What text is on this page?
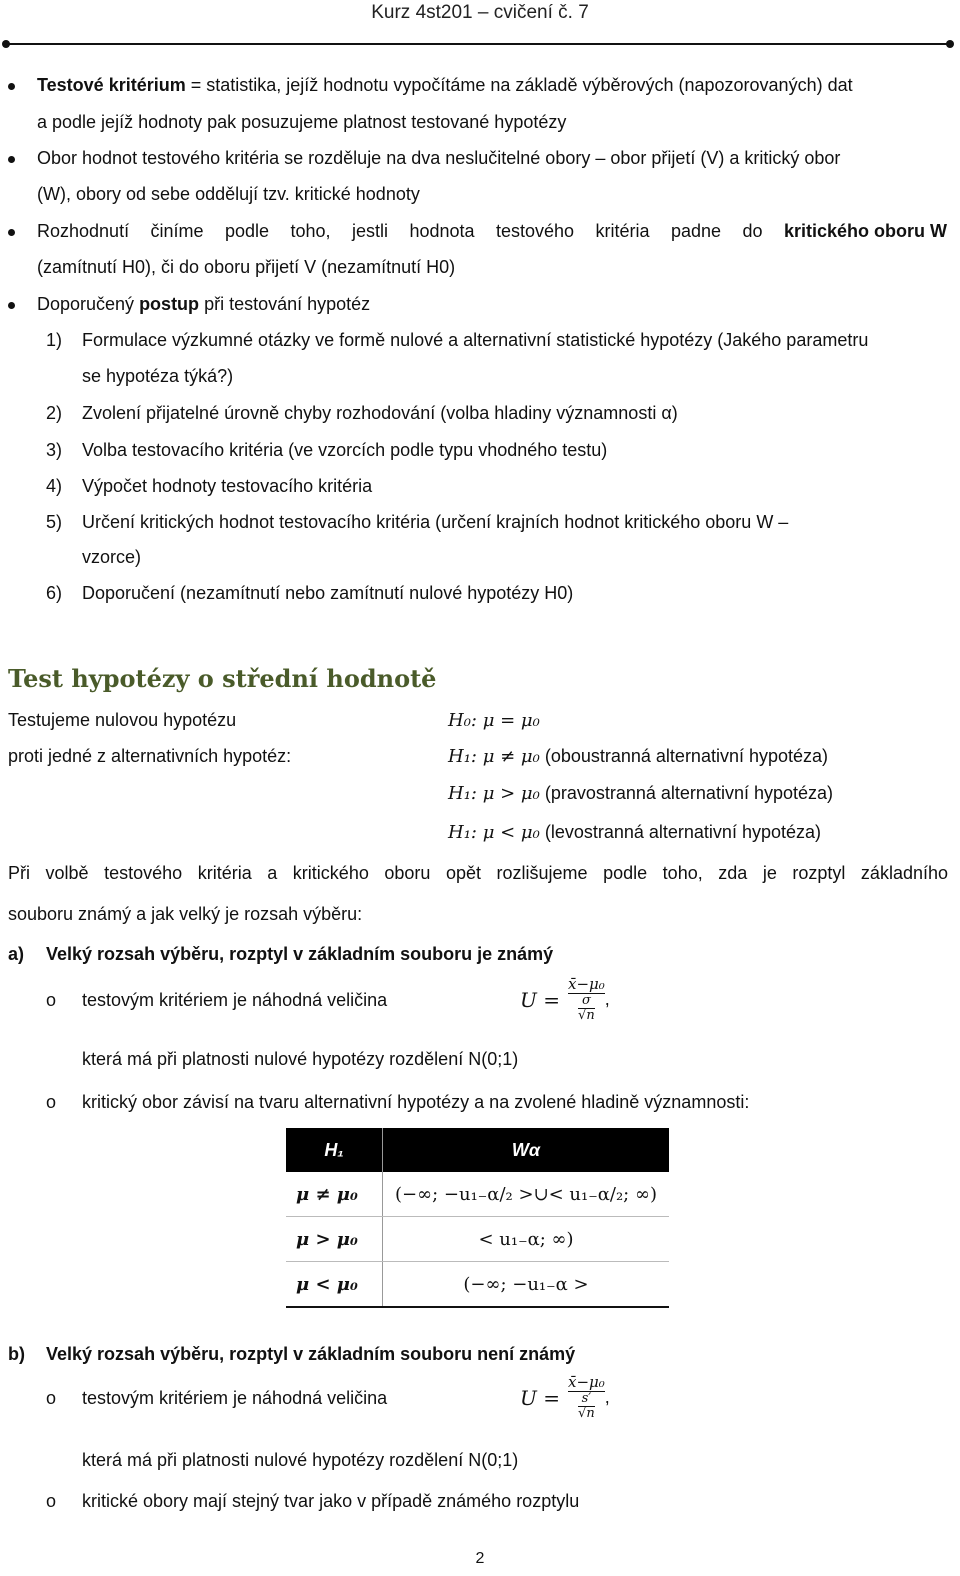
Kurz 4st201 – cvičení č. 7
Testové kritérium = statistika, jejíž hodnotu vypočítáme na základě výběrových (napozorovaných) dat
a podle jejíž hodnoty pak posuzujeme platnost testované hypotézy
Obor hodnot testového kritéria se rozděluje na dva neslučitelné obory – obor přijetí (V) a kritický obor
(W), obory od sebe oddělují tzv. kritické hodnoty
Rozhodnutí činíme podle toho, jestli hodnota testového kritéria padne do kritického oboru W
(zamítnutí H0), či do oboru přijetí V (nezamítnutí H0)
Doporučený postup při testování hypotéz
1) Formulace výzkumné otázky ve formě nulové a alternativní statistické hypotézy (Jakého parametru
se hypotéza týká?)
2) Zvolení přijatelné úrovně chyby rozhodování (volba hladiny významnosti α)
3) Volba testovacího kritéria (ve vzorcích podle typu vhodného testu)
4) Výpočet hodnoty testovacího kritéria
5) Určení kritických hodnot testovacího kritéria (určení krajních hodnot kritického oboru W –
vzorce)
6) Doporučení (nezamítnutí nebo zamítnutí nulové hypotézy H0)
Test hypotézy o střední hodnotě
Testujeme nulovou hypotézu	H₀: μ = μ₀
proti jedné z alternativních hypotéz:	H₁: μ ≠ μ₀ (oboustranná alternativní hypotéza)
H₁: μ > μ₀ (pravostranná alternativní hypotéza)
H₁: μ < μ₀ (levostranná alternativní hypotéza)
Při volbě testového kritéria a kritického oboru opět rozlišujeme podle toho, zda je rozptyl základního
souboru známý a jak velký je rozsah výběru:
a) Velký rozsah výběru, rozptyl v základním souboru je známý
o testovým kritériem je náhodná veličina	$U = \frac{\text{x̄−μ₀}}{\frac{\sigma}{√n}}$ ,
která má při platnosti nulové hypotézy rozdělení N(0;1)
o kritický obor závisí na tvaru alternativní hypotézy a na zvolené hladině významnosti:
H₁	Wα
μ ≠ μ₀	(−∞; −u₁₋α/₂ >∪< u₁₋α/₂; ∞)
μ > μ₀	< u₁₋α; ∞)
μ < μ₀	(−∞; −u₁₋α >
b) Velký rozsah výběru, rozptyl v základním souboru není známý
o testovým kritériem je náhodná veličina	$U = \frac{\text{x̄−μ₀}}{\frac{s'}{√n}}$ ,
která má při platnosti nulové hypotézy rozdělení N(0;1)
o kritické obory mají stejný tvar jako v případě známého rozptylu
2
